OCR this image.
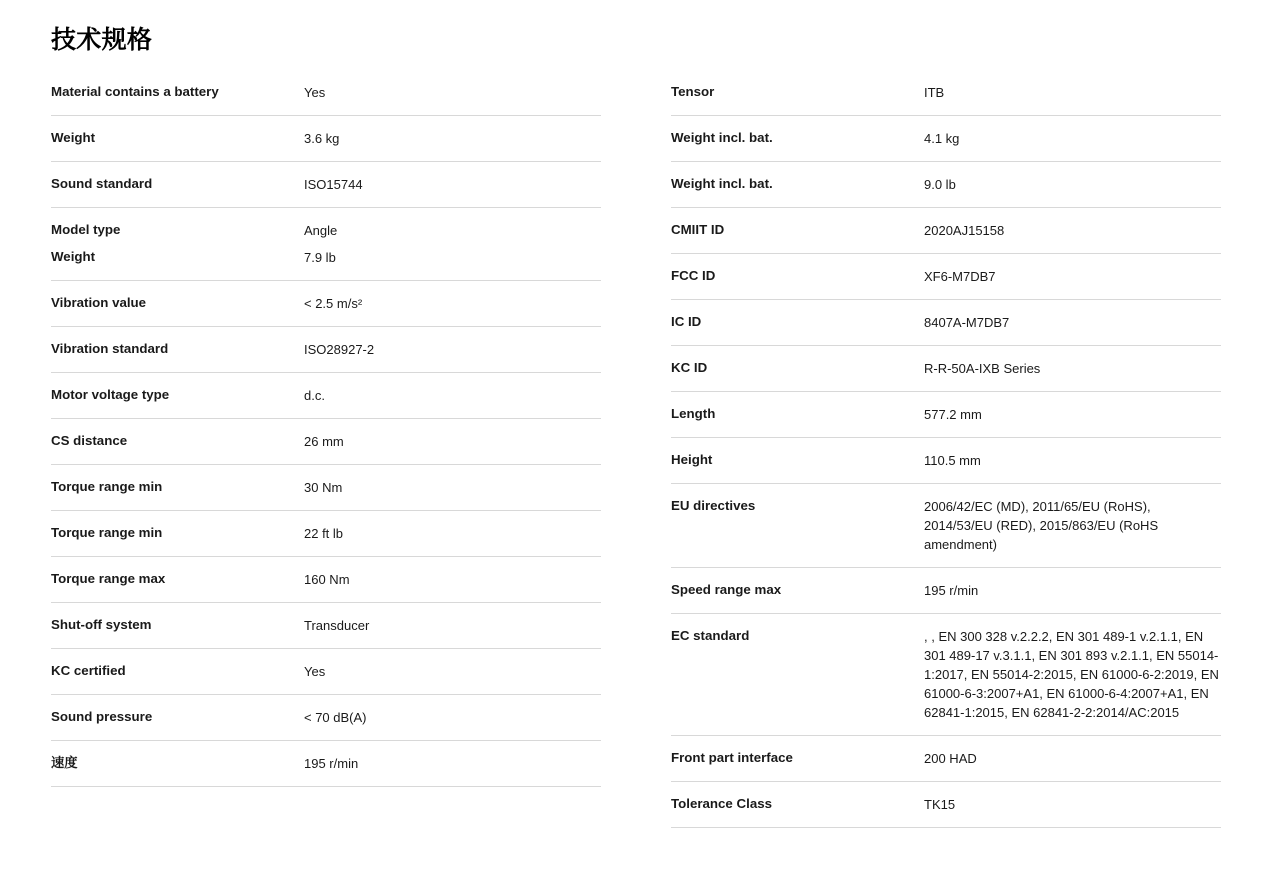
技术规格
Material contains a battery	Yes
Weight	3.6 kg
Sound standard	ISO15744
Model type	Angle
Weight	7.9 lb
Vibration value	< 2.5 m/s²
Vibration standard	ISO28927-2
Motor voltage type	d.c.
CS distance	26 mm
Torque range min	30 Nm
Torque range min	22 ft lb
Torque range max	160 Nm
Shut-off system	Transducer
KC certified	Yes
Sound pressure	< 70 dB(A)
速度	195 r/min
Tensor	ITB
Weight incl. bat.	4.1 kg
Weight incl. bat.	9.0 lb
CMIIT ID	2020AJ15158
FCC ID	XF6-M7DB7
IC ID	8407A-M7DB7
KC ID	R-R-50A-IXB Series
Length	577.2 mm
Height	110.5 mm
EU directives	2006/42/EC (MD), 2011/65/EU (RoHS), 2014/53/EU (RED), 2015/863/EU (RoHS amendment)
Speed range max	195 r/min
EC standard	, , EN 300 328 v.2.2.2, EN 301 489-1 v.2.1.1, EN 301 489-17 v.3.1.1, EN 301 893 v.2.1.1, EN 55014-1:2017, EN 55014-2:2015, EN 61000-6-2:2019, EN 61000-6-3:2007+A1, EN 61000-6-4:2007+A1, EN 62841-1:2015, EN 62841-2-2:2014/AC:2015
Front part interface	200 HAD
Tolerance Class	TK15
